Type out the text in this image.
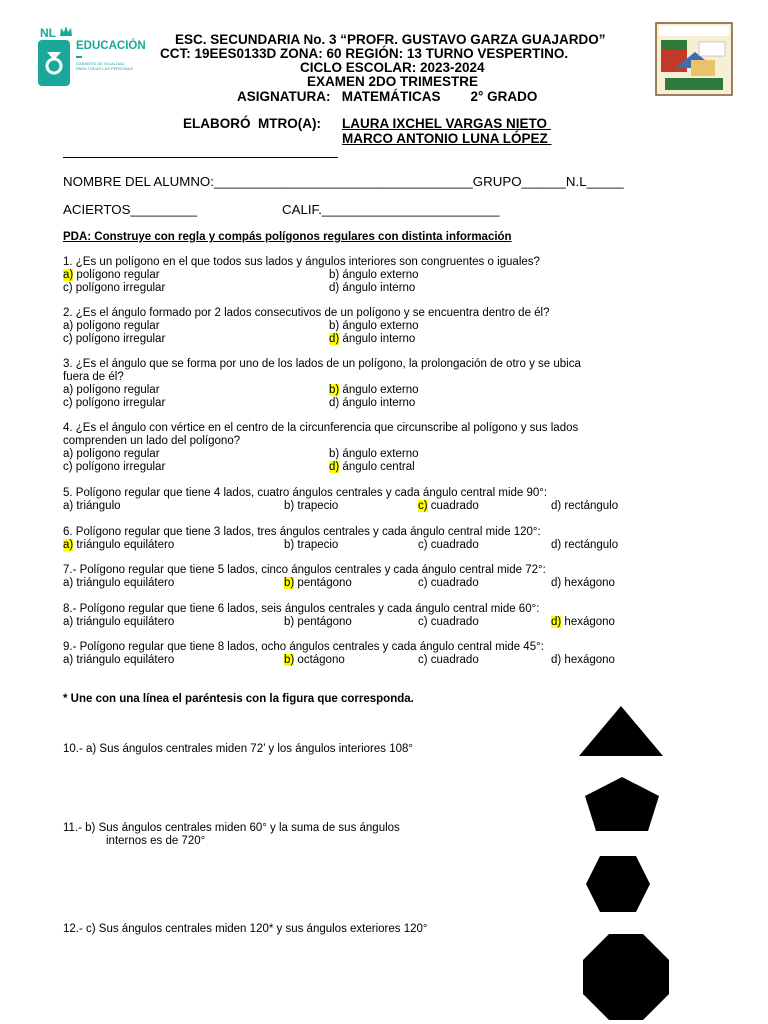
NL
EDUCACIÓN
GABINETE DE IGUALDAD
PARA TODAS LAS PERSONAS
ESC. SECUNDARIA No. 3 “PROFR. GUSTAVO GARZA GUAJARDO”
CCT: 19EES0133D ZONA: 60 REGIÓN: 13 TURNO VESPERTINO.
CICLO ESCOLAR: 2023-2024
EXAMEN 2DO TRIMESTRE
ASIGNATURA:   MATEMÁTICAS        2° GRADO
ELABORÓ  MTRO(A): LAURA IXCHEL VARGAS NIETO
MARCO ANTONIO LUNA LÓPEZ
NOMBRE DEL ALUMNO:___________________________________GRUPO______N.L_____
ACIERTOS_________	CALIF.________________________
PDA: Construye con regla y compás polígonos regulares con distinta información
1. ¿Es un polígono en el que todos sus lados y ángulos interiores son congruentes o iguales?
a) polígono regular	b) ángulo externo
c) polígono irregular	d) ángulo interno
2. ¿Es el ángulo formado por 2 lados consecutivos de un polígono y se encuentra dentro de él?
a) polígono regular	b) ángulo externo
c) polígono irregular	d) ángulo interno
3. ¿Es el ángulo que se forma por uno de los lados de un polígono, la prolongación de otro y se ubica
fuera de él?
a) polígono regular	b) ángulo externo
c) polígono irregular	d) ángulo interno
4. ¿Es el ángulo con vértice en el centro de la circunferencia que circunscribe al polígono y sus lados
comprenden un lado del polígono?
a) polígono regular	b) ángulo externo
c) polígono irregular	d) ángulo central
5. Polígono regular que tiene 4 lados, cuatro ángulos centrales y cada ángulo central mide 90°:
a) triángulo	b) trapecio	c) cuadrado	d) rectángulo
6. Polígono regular que tiene 3 lados, tres ángulos centrales y cada ángulo central mide 120°:
a) triángulo equilátero	b) trapecio	c) cuadrado	d) rectángulo
7.- Polígono regular que tiene 5 lados, cinco ángulos centrales y cada ángulo central mide 72°:
a) triángulo equilátero	b) pentágono	c) cuadrado	d) hexágono
8.- Polígono regular que tiene 6 lados, seis ángulos centrales y cada ángulo central mide 60°:
a) triángulo equilátero	b) pentágono	c) cuadrado	d) hexágono
9.- Polígono regular que tiene 8 lados, ocho ángulos centrales y cada ángulo central mide 45°:
a) triángulo equilátero	b) octágono	c) cuadrado	d) hexágono
* Une con una línea el paréntesis con la figura que corresponda.
10.- a) Sus ángulos centrales miden 72’ y los ángulos interiores 108°
11.- b) Sus ángulos centrales miden 60° y la suma de sus ángulos
internos es de 720°
12.- c) Sus ángulos centrales miden 120* y sus ángulos exteriores 120°
